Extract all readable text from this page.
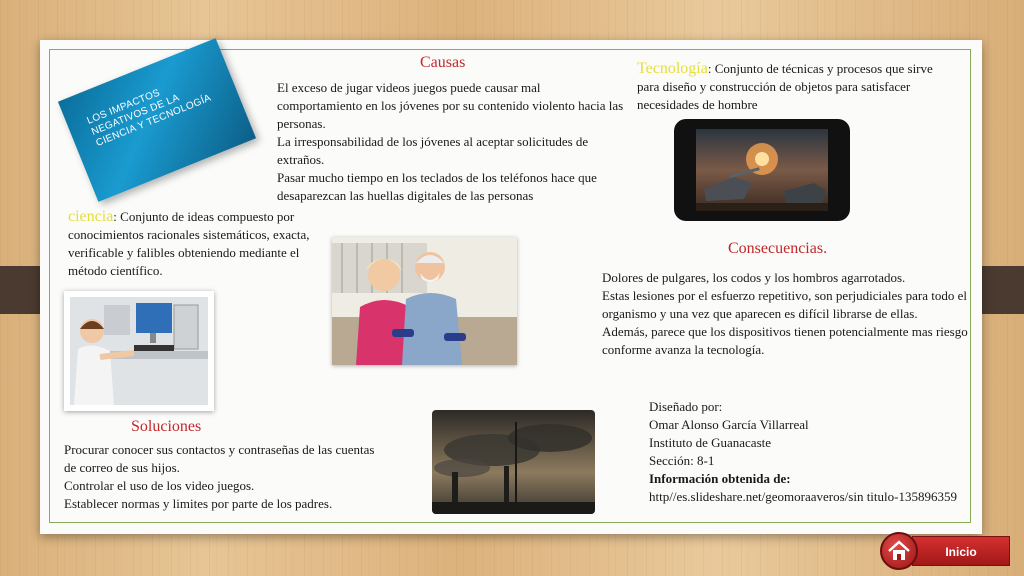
LOS IMPACTOS NEGATIVOS DE LA CIENCIA Y TECNOLOGÍA
Causas
El exceso de jugar videos juegos puede causar mal comportamiento en los jóvenes por su contenido violento hacia las personas.
La irresponsabilidad de los jóvenes al aceptar solicitudes de extraños.
Pasar mucho tiempo en los teclados de los teléfonos hace que desaparezcan las huellas digitales de las personas
Tecnología: Conjunto de técnicas y procesos que sirve para diseño y construcción de objetos para satisfacer necesidades de hombre
ciencia: Conjunto de ideas compuesto por conocimientos racionales sistemáticos, exacta, verificable y falibles obteniendo mediante el método científico.
Consecuencias.
Dolores de pulgares, los codos y los hombros agarrotados.
Estas lesiones por el esfuerzo repetitivo, son perjudiciales para todo el organismo y una vez que aparecen es difícil librarse de ellas.
Además, parece que los dispositivos tienen potencialmente mas riesgo conforme avanza la tecnología.
Soluciones
Procurar conocer sus contactos y contraseñas de las cuentas de correo de sus hijos.
Controlar el uso de los video juegos.
Establecer normas y limites por parte de los padres.
Diseñado por:
Omar Alonso García Villarreal
Instituto de Guanacaste
Sección: 8-1
Información obtenida de:
http//es.slideshare.net/geomoraaveros/sin titulo-135896359
Inicio
